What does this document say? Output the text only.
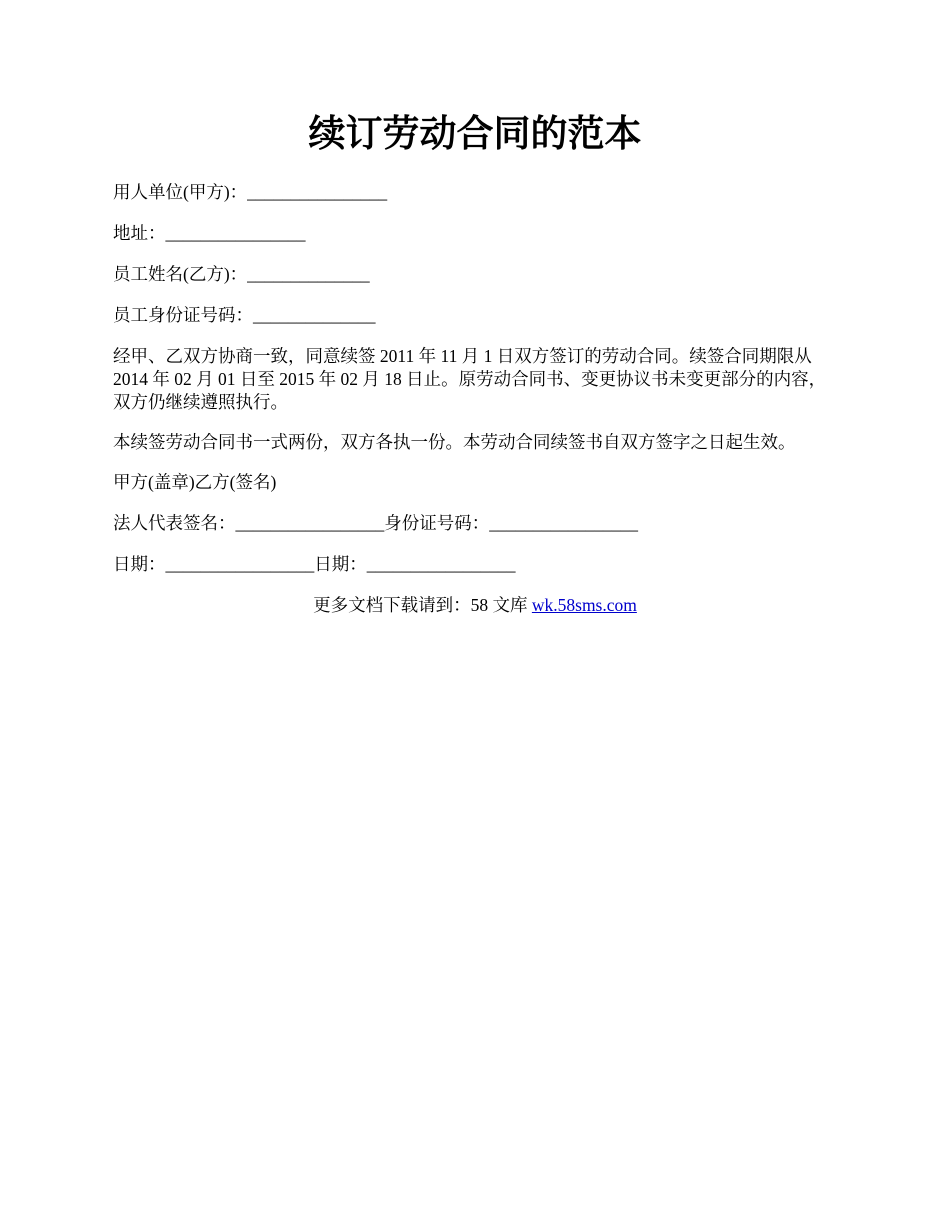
续订劳动合同的范本
用人单位(甲方)：________________
地址：________________
员工姓名(乙方)：______________
员工身份证号码：______________
经甲、乙双方协商一致，同意续签 2011 年 11 月 1 日双方签订的劳动合同。续签合同期限从 2014 年 02 月 01 日至 2015 年 02 月 18 日止。原劳动合同书、变更协议书未变更部分的内容，双方仍继续遵照执行。
本续签劳动合同书一式两份，双方各执一份。本劳动合同续签书自双方签字之日起生效。
甲方(盖章)乙方(签名)
法人代表签名：_________________身份证号码：_________________
日期：_________________日期：_________________
更多文档下载请到：58 文库 wk.58sms.com
